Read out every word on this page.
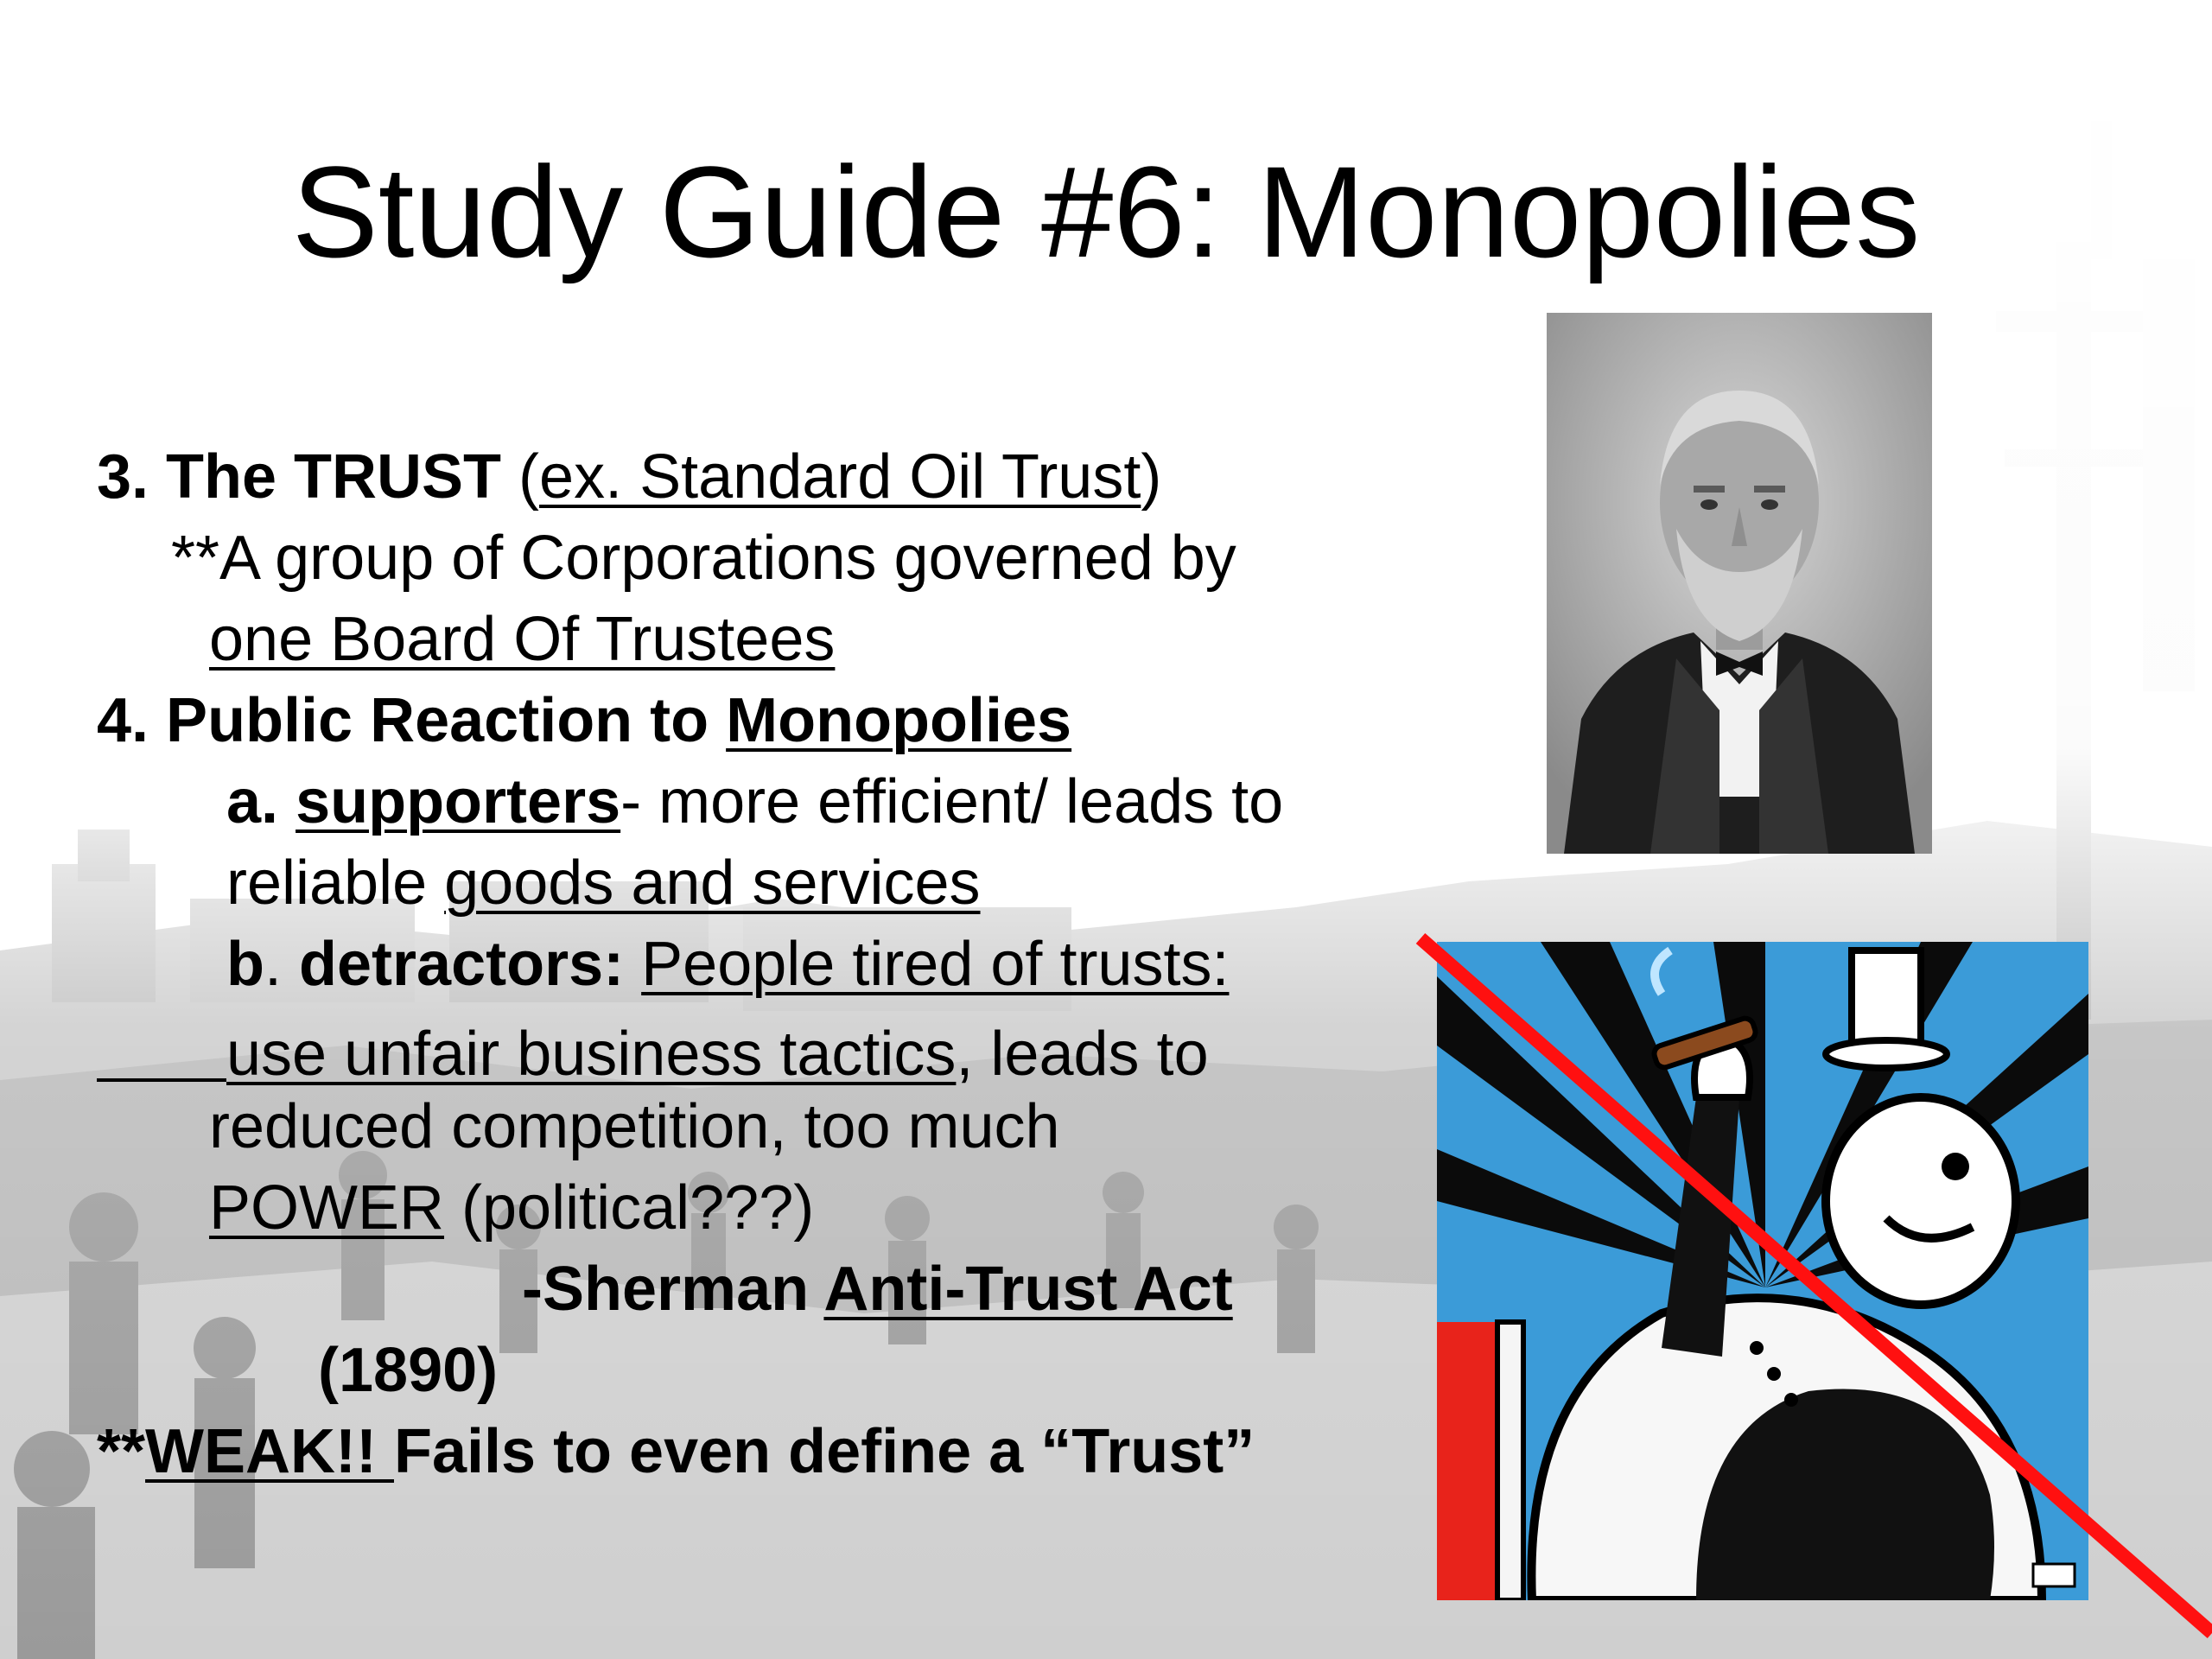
Study Guide #6: Monopolies
3. The TRUST (ex. Standard Oil Trust)
**A group of Corporations governed by
one Board Of Trustees
4. Public Reaction to Monopolies
a. supporters- more efficient/ leads to
reliable goods and services
b. detractors: People tired of trusts:
use unfair business tactics, leads to
reduced competition, too much
POWER (political???)
-Sherman Anti-Trust Act
(1890)
**WEAK!! Fails to even define a “Trust”
